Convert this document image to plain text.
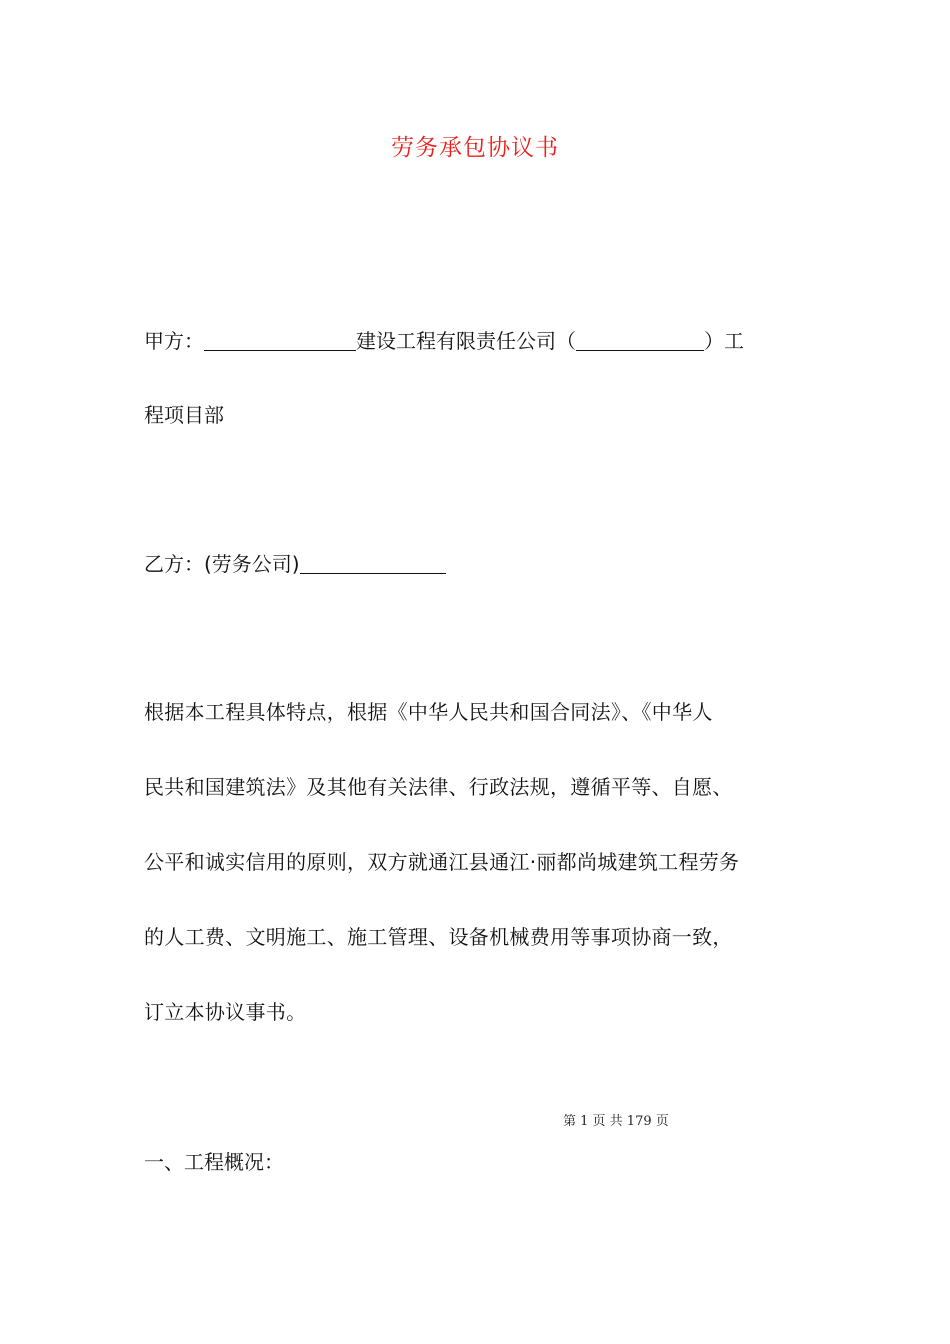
劳务承包协议书
甲方：	建设工程有限责任公司（	）工
程项目部
乙方：(劳务公司)
根据本工程具体特点，根据《中华人民共和国合同法》、《中华人
民共和国建筑法》及其他有关法律、行政法规，遵循平等、自愿、
公平和诚实信用的原则，双方就通江县通江·丽都尚城建筑工程劳务
的人工费、文明施工、施工管理、设备机械费用等事项协商一致，
订立本协议事书。
第 1 页 共 179 页
一、工程概况：
